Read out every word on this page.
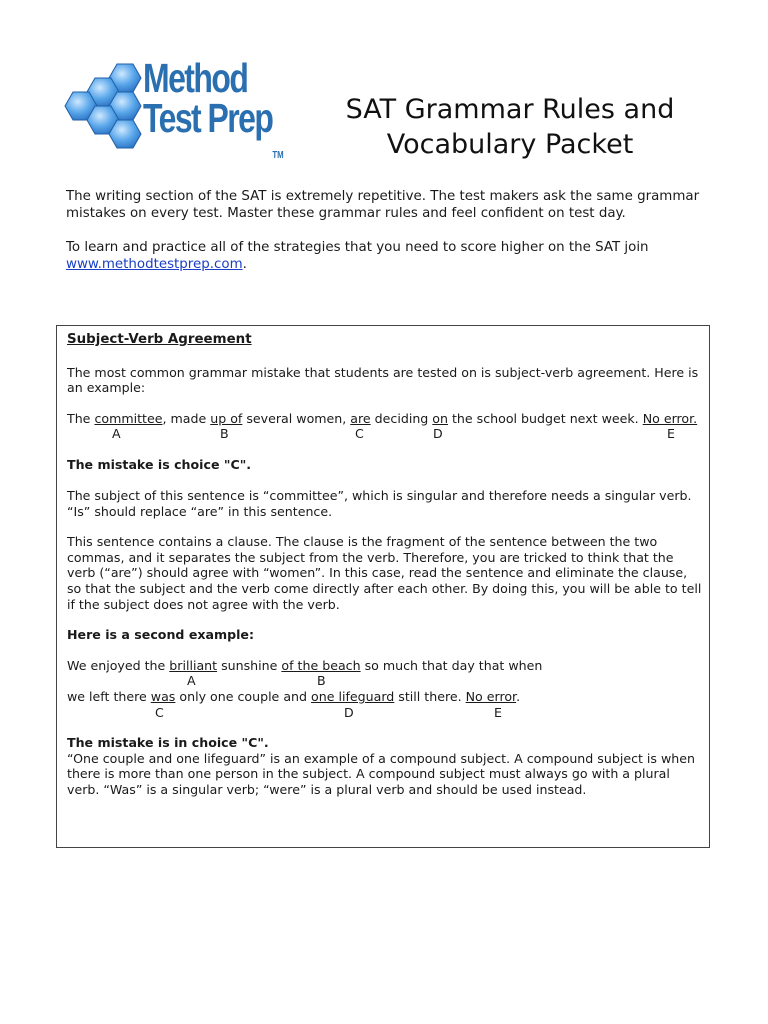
Method
Test PrepTM
SAT Grammar Rules and
Vocabulary Packet

The writing section of the SAT is extremely repetitive. The test makers ask the same grammar mistakes on every test. Master these grammar rules and feel confident on test day.

To learn and practice all of the strategies that you need to score higher on the SAT join www.methodtestprep.com.

Subject-Verb Agreement

The most common grammar mistake that students are tested on is subject-verb agreement. Here is an example:

The committee, made up of several women, are deciding on the school budget next week. No error.
A	B	C	D	E

The mistake is choice "C".

The subject of this sentence is “committee”, which is singular and therefore needs a singular verb. “Is” should replace “are” in this sentence.

This sentence contains a clause. The clause is the fragment of the sentence between the two commas, and it separates the subject from the verb. Therefore, you are tricked to think that the verb (“are”) should agree with “women”. In this case, read the sentence and eliminate the clause, so that the subject and the verb come directly after each other. By doing this, you will be able to tell if the subject does not agree with the verb.

Here is a second example:

We enjoyed the brilliant sunshine of the beach so much that day that when
A	B
we left there was only one couple and one lifeguard still there. No error.
C	D	E
The mistake is in choice "C".

“One couple and one lifeguard” is an example of a compound subject. A compound subject is when there is more than one person in the subject. A compound subject must always go with a plural verb. “Was” is a singular verb; “were” is a plural verb and should be used instead.
